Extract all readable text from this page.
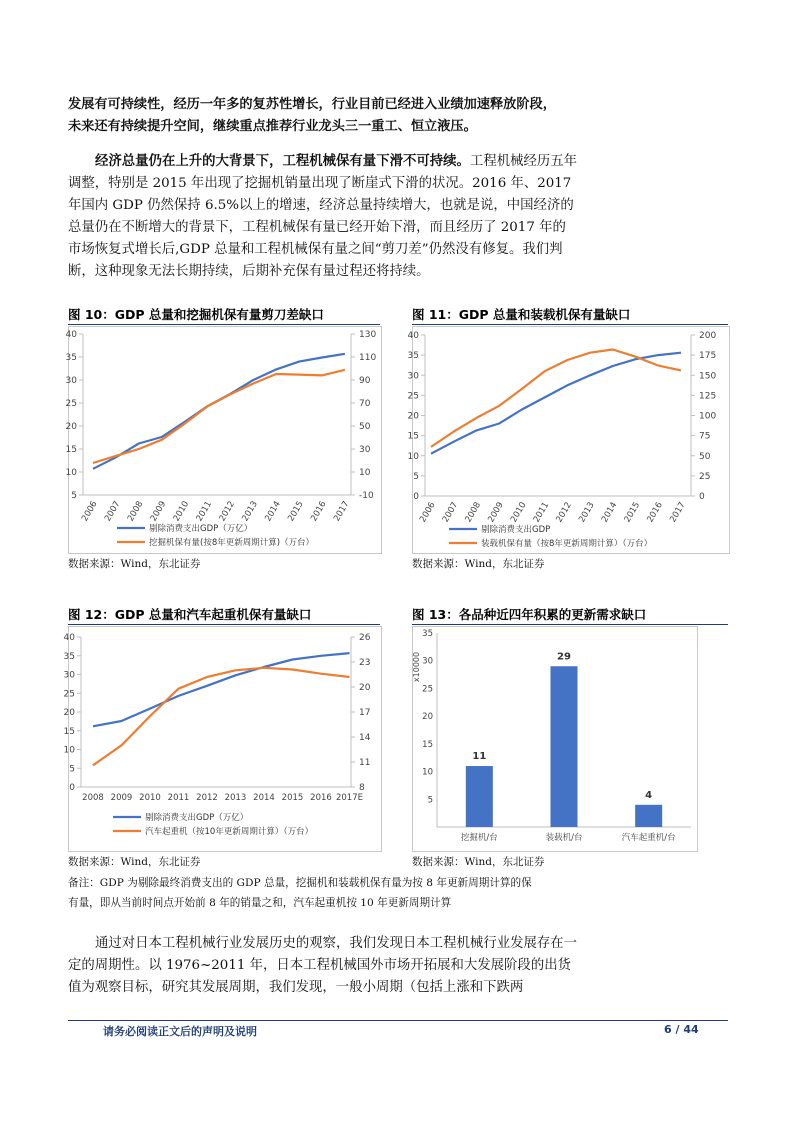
发展有可持续性，经历一年多的复苏性增长，行业目前已经进入业绩加速释放阶段，
未来还有持续提升空间，继续重点推荐行业龙头三一重工、恒立液压。
经济总量仍在上升的大背景下，工程机械保有量下滑不可持续。工程机械经历五年调整，特别是 2015 年出现了挖掘机销量出现了断崖式下滑的状况。2016 年、2017 年国内 GDP 仍然保持 6.5%以上的增速，经济总量持续增大，也就是说，中国经济的总量仍在不断增大的背景下，工程机械保有量已经开始下滑，而且经历了 2017 年的市场恢复式增长后,GDP 总量和工程机械保有量之间“剪刀差”仍然没有修复。我们判断，这种现象无法长期持续，后期补充保有量过程还将持续。
图 10：GDP 总量和挖掘机保有量剪刀差缺口
40
35
30
25
20
15
10
5
130
110
90
70
50
30
10
-10
2006 2007 2008 2009 2010 2011 2012 2013 2014 2015 2016 2017
剔除消费支出GDP（万亿）
挖掘机保有量(按8年更新周期计算)（万台）
数据来源：Wind，东北证券
图 11：GDP 总量和装载机保有量缺口
40
35
30
25
20
15
10
5
0
200
175
150
125
100
75
50
25
0
2006 2007 2008 2009 2010 2011 2012 2013 2014 2015 2016 2017
剔除消费支出GDP
装载机保有量（按8年更新周期计算）（万台）
数据来源：Wind，东北证券
图 12：GDP 总量和汽车起重机保有量缺口
40
35
30
25
20
15
10
5
0
26
23
20
17
14
11
8
2008 2009 2010 2011 2012 2013 2014 2015 2016 2017E
剔除消费支出GDP（万亿）
汽车起重机（按10年更新周期计算）（万台）
数据来源：Wind，东北证券
图 13：各品种近四年积累的更新需求缺口
35
30
25
20
15
10
5
x10000
11
挖掘机/台
29
装载机/台
4
汽车起重机/台
数据来源：Wind，东北证券
备注：GDP 为剔除最终消费支出的 GDP 总量，挖掘机和装载机保有量为按 8 年更新周期计算的保
有量，即从当前时间点开始前 8 年的销量之和，汽车起重机按 10 年更新周期计算
通过对日本工程机械行业发展历史的观察，我们发现日本工程机械行业发展存在一定的周期性。以 1976~2011 年，日本工程机械国外市场开拓展和大发展阶段的出货值为观察目标，研究其发展周期，我们发现，一般小周期（包括上涨和下跌两
请务必阅读正文后的声明及说明	6 / 44
